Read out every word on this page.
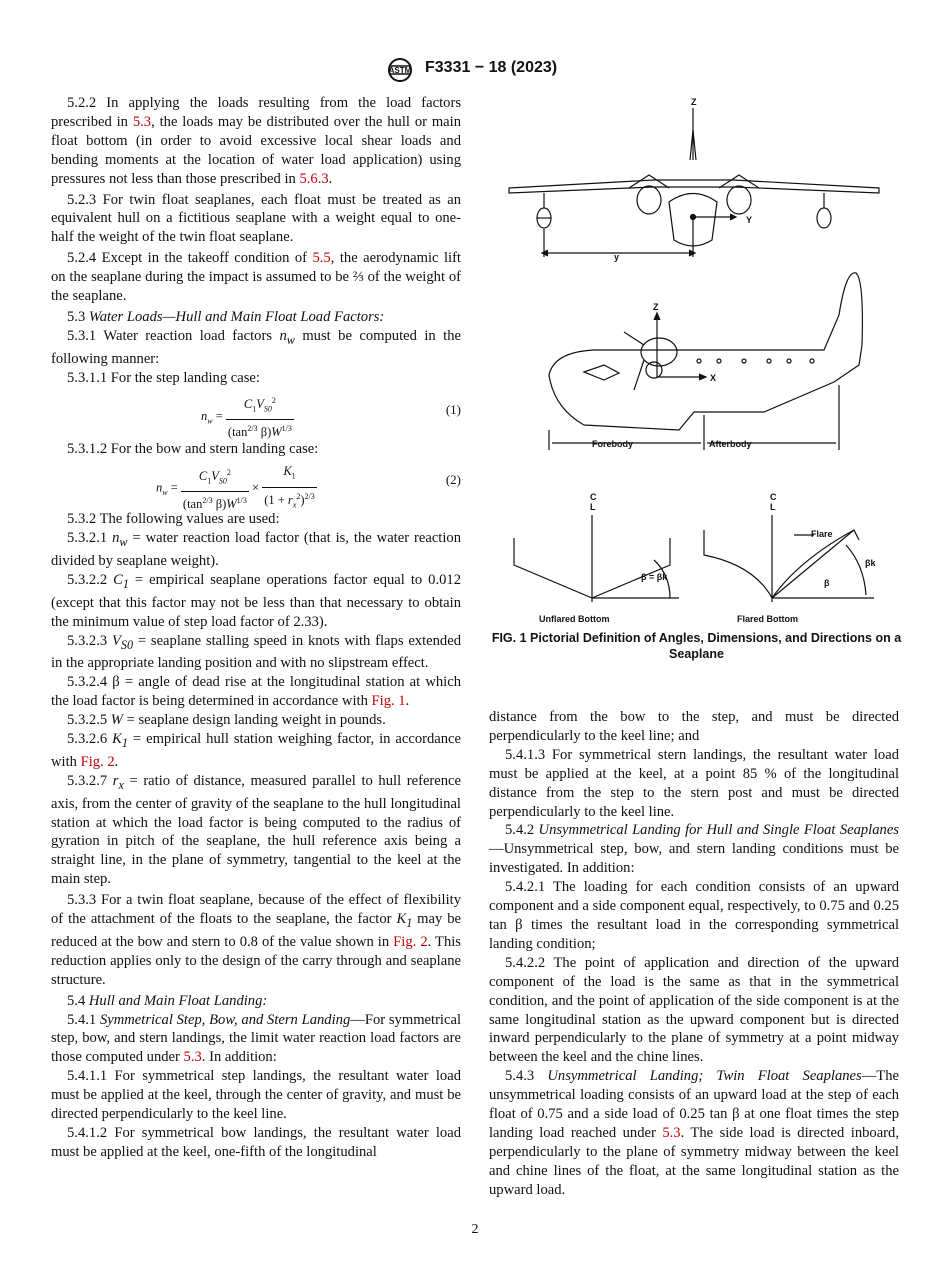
ASTM F3331 − 18 (2023)

5.2.2 In applying the loads resulting from the load factors prescribed in 5.3, the loads may be distributed over the hull or main float bottom (in order to avoid excessive local shear loads and bending moments at the location of water load application) using pressures not less than those prescribed in 5.6.3.

5.2.3 For twin float seaplanes, each float must be treated as an equivalent hull on a fictitious seaplane with a weight equal to one-half the weight of the twin float seaplane.

5.2.4 Except in the takeoff condition of 5.5, the aerodynamic lift on the seaplane during the impact is assumed to be ⅔ of the weight of the seaplane.

5.3 Water Loads—Hull and Main Float Load Factors:

5.3.1 Water reaction load factors $n_w$ must be computed in the following manner:

5.3.1.1 For the step landing case:

$n_w = \frac{C_1V_{S0}^2}{(\tan^{2/3} \beta)W^{1/3}}$	(1)

5.3.1.2 For the bow and stern landing case:

$n_w = \frac{C_1V_{S0}^2}{(\tan^{2/3} \beta)W^{1/3}} \times \frac{K_1}{(1 + r_x^2)^{2/3}}$	(2)

5.3.2 The following values are used:

5.3.2.1 $n_w$ = water reaction load factor (that is, the water reaction divided by seaplane weight).

5.3.2.2 $C_1$ = empirical seaplane operations factor equal to 0.012 (except that this factor may not be less than that necessary to obtain the minimum value of step load factor of 2.33).

5.3.2.3 $V_{S0}$ = seaplane stalling speed in knots with flaps extended in the appropriate landing position and with no slipstream effect.

5.3.2.4 β = angle of dead rise at the longitudinal station at which the load factor is being determined in accordance with Fig. 1.

5.3.2.5 W = seaplane design landing weight in pounds.

5.3.2.6 $K_1$ = empirical hull station weighing factor, in accordance with Fig. 2.

5.3.2.7 $r_x$ = ratio of distance, measured parallel to hull reference axis, from the center of gravity of the seaplane to the hull longitudinal station at which the load factor is being computed to the radius of gyration in pitch of the seaplane, the hull reference axis being a straight line, in the plane of symmetry, tangential to the keel at the main step.

5.3.3 For a twin float seaplane, because of the effect of flexibility of the attachment of the floats to the seaplane, the factor $K_1$ may be reduced at the bow and stern to 0.8 of the value shown in Fig. 2. This reduction applies only to the design of the carry through and seaplane structure.

5.4 Hull and Main Float Landing:

5.4.1 Symmetrical Step, Bow, and Stern Landing—For symmetrical step, bow, and stern landings, the limit water reaction load factors are those computed under 5.3. In addition:

5.4.1.1 For symmetrical step landings, the resultant water load must be applied at the keel, through the center of gravity, and must be directed perpendicularly to the keel line.

5.4.1.2 For symmetrical bow landings, the resultant water load must be applied at the keel, one-fifth of the longitudinal

Z
Y
y
Z
X
Forebody	Afterbody
C
L
β = βk
Unflared Bottom
C
L
Flare
βk
β
Flared Bottom
FIG. 1 Pictorial Definition of Angles, Dimensions, and Directions on a Seaplane

distance from the bow to the step, and must be directed perpendicularly to the keel line; and

5.4.1.3 For symmetrical stern landings, the resultant water load must be applied at the keel, at a point 85 % of the longitudinal distance from the step to the stern post and must be directed perpendicularly to the keel line.

5.4.2 Unsymmetrical Landing for Hull and Single Float Seaplanes—Unsymmetrical step, bow, and stern landing conditions must be investigated. In addition:

5.4.2.1 The loading for each condition consists of an upward component and a side component equal, respectively, to 0.75 and 0.25 tan β times the resultant load in the corresponding symmetrical landing condition;

5.4.2.2 The point of application and direction of the upward component of the load is the same as that in the symmetrical condition, and the point of application of the side component is at the same longitudinal station as the upward component but is directed inward perpendicularly to the plane of symmetry at a point midway between the keel and the chine lines.

5.4.3 Unsymmetrical Landing; Twin Float Seaplanes—The unsymmetrical loading consists of an upward load at the step of each float of 0.75 and a side load of 0.25 tan β at one float times the step landing load reached under 5.3. The side load is directed inboard, perpendicularly to the plane of symmetry midway between the keel and chine lines of the float, at the same longitudinal station as the upward load.

2
